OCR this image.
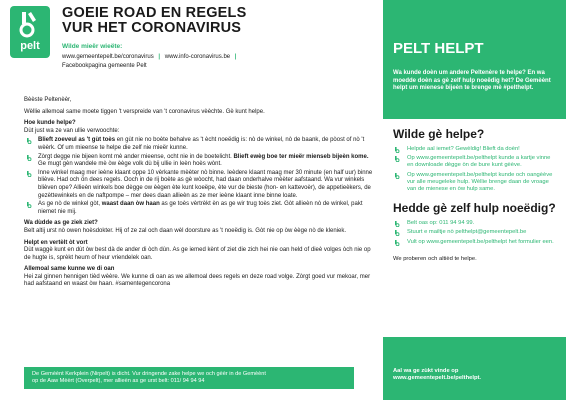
pelt
GOEIE ROAD EN REGELS
VUR HET CORONAVIRUS
Wilde mieër wieëte:
www.gemeentepelt.be/coronavirus | www.info-coronavirus.be |
Facebookpagina gemeente Pelt

Bèèste Peltenèèr,

Wèllie allemoal same moete tiggen 't verspreide van 't coronavirus vèèchte. Gè kunt helpe.

Hoe kunde helpe?
Dùt just wa ze van ullie verwoochte:
Blieft zoeveul as 't gùt toès en gùt nie no boète behalve as 't ècht noeëdig is: nò de winkel, nò de baank, de pòost of nò 't wèèrk. Of um mieense te helpe die zelf nie mieër kunne.
Zòrgt degge nie bijeen komt mè ander mieense, ocht nie in de boetelicht. Blieft ewèg boe ter mieër mienseb bijeèn kome. Ge mugt gèn wandele mè òw èège volk dù bij ullie in leèn hoès wònt.
Inne winkel maag mer ieène klaant oppe 10 vèrkante mèèter nò binne. Ieèdere klaant maag mer 30 minute (en half uur) binne bliève. Had och ön dees regels. Ooch in de rij boète as gè wòocht, had daan onderhalve mèèter aafstaand. Wa vur winkels blièven ope? Allieèn winkels boe dègge ow èègen ète kunt koeëpe, ète vur de bieste (hon- en kattevoèr), de appetieèkers, de gezèttewinkels en de naftpompe – mer dees daan allieèn as ze mer ieène klaant inne binne loate.
As ge nò de winkel gòt, waast daan òw haan as ge toès vèrtrèkt èn as ge wir trug toès ziet. Gòt allieèn nò de winkel, pakt niemet nie mij.
Wa dùdde as ge ziek ziet?

Belt altij urst nò owen hoèsdokter. Hij of ze zal och daan wèl doorsture as 't noeëdig is. Gòt nie op òw èège nò de kleniek.

Helpt en vertèlt òt vort

Dùt waggè kunt en dùt òw best dà de ander di òch dùn. As ge iemed kènt of ziet die zich hei nie oan held of dieè volges òch nie op de hugte is, sprèkt heum of heur vriendelek oan.

Allemoal same kunne we di oan

Hei zal ginnen hennigen tièd wèère. We kunne di oan as we allemoal dees regels en deze road volge. Zòrgt goed vur mekoar, mer had aafstaand en waast òw haan. #samentegencorona

De Gemèènt Kerkplein (Nirpelt) is dicht. Vur dringende zake helpe we och gèèr in de Gemèènt
op de Aaw Mèèrt (Overpelt), mer allieèn as ge urst belt: 011/ 94 94 94
PELT HELPT
Wa kunde doèn um andere Peltenère te helpe? En wa moedde doèn as gè zelf hulp noeëdig het? De Gemèènt helpt um mienese bijeèn te brenge mè #pelthelpt.
Wilde gè helpe?
Helpde aal iemet? Gewèldig! Blieft da doèn!
Op www.gemeentepelt.be/pelthelpt kunde a kartje vinne en downloade dègge òn de bure kunt gèève.
Op www.gemeentepelt.be/pelthelpt kunde och oangèève vur alle meugeleke hulp. Wèllie brenge daan de vroage van de mienese en òw hulp same.
Hedde gè zelf hulp noeëdig?
Belt oas op: 011 94 94 99.
Stuurt e mailtje nò pelthelpt@gemeentepelt.be
Vult op www.gemeentepelt.be/pelthelpt het formulier een.
We proberen och altièd te helpe.
Aal wa ge zùkt vinde op
www.gemeentepelt.be/pelthelpt.
